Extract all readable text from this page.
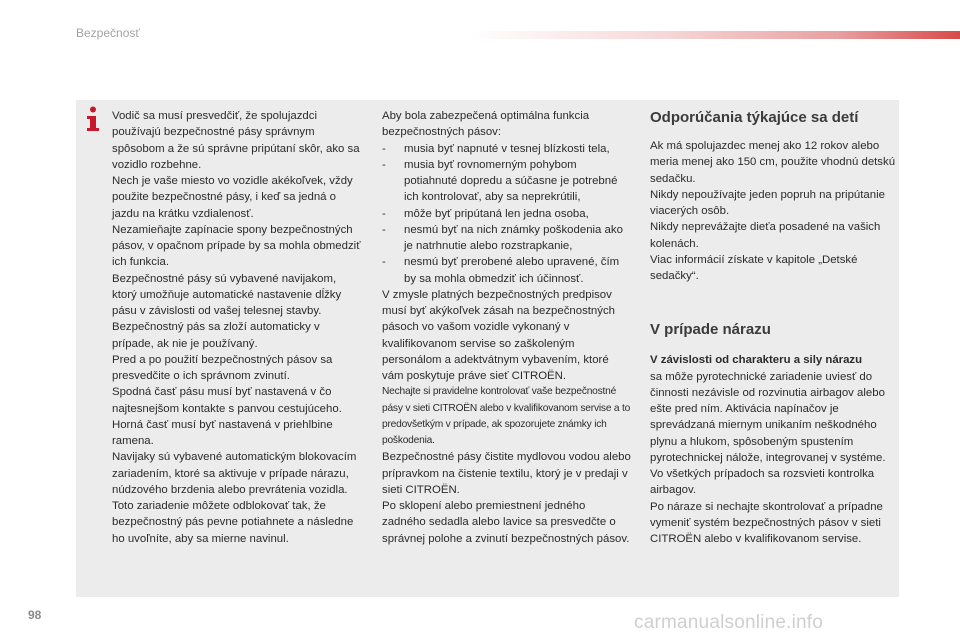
Bezpečnosť

Vodič sa musí presvedčiť, že spolujazdci používajú bezpečnostné pásy správnym spôsobom a že sú správne pripútaní skôr, ako sa vozidlo rozbehne.

Nech je vaše miesto vo vozidle akékoľvek, vždy použite bezpečnostné pásy, i keď sa jedná o jazdu na krátku vzdialenosť.

Nezamieňajte zapínacie spony bezpečnostných pásov, v opačnom prípade by sa mohla obmedziť ich funkcia.

Bezpečnostné pásy sú vybavené navijakom, ktorý umožňuje automatické nastavenie dĺžky pásu v závislosti od vašej telesnej stavby. Bezpečnostný pás sa zloží automaticky v prípade, ak nie je používaný.

Pred a po použití bezpečnostných pásov sa presvedčite o ich správnom zvinutí.

Spodná časť pásu musí byť nastavená v čo najtesnejšom kontakte s panvou cestujúceho.

Horná časť musí byť nastavená v priehlbine ramena.

Navijaky sú vybavené automatickým blokovacím zariadením, ktoré sa aktivuje v prípade nárazu, núdzového brzdenia alebo prevrátenia vozidla. Toto zariadenie môžete odblokovať tak, že bezpečnostný pás pevne potiahnete a následne ho uvoľníte, aby sa mierne navinul.

Aby bola zabezpečená optimálna funkcia bezpečnostných pásov:

- musia byť napnuté v tesnej blízkosti tela,
- musia byť rovnomerným pohybom potiahnuté dopredu a súčasne je potrebné ich kontrolovať, aby sa neprekrútili,
- môže byť pripútaná len jedna osoba,
- nesmú byť na nich známky poškodenia ako je natrhnutie alebo rozstrapkanie,
- nesmú byť prerobené alebo upravené, čím by sa mohla obmedziť ich účinnosť.

V zmysle platných bezpečnostných predpisov musí byť akýkoľvek zásah na bezpečnostných pásoch vo vašom vozidle vykonaný v kvalifikovanom servise so zaškoleným personálom a adektvátnym vybavením, ktoré vám poskytuje práve sieť CITROËN.

Nechajte si pravidelne kontrolovať vaše bezpečnostné pásy v sieti CITROËN alebo v kvalifikovanom servise a to predovšetkým v prípade, ak spozorujete známky ich poškodenia.

Bezpečnostné pásy čistite mydlovou vodou alebo prípravkom na čistenie textilu, ktorý je v predaji v sieti CITROËN.

Po sklopení alebo premiestnení jedného zadného sedadla alebo lavice sa presvedčte o správnej polohe a zvinutí bezpečnostných pásov.

Odporúčania týkajúce sa detí

Ak má spolujazdec menej ako 12 rokov alebo meria menej ako 150 cm, použite vhodnú detskú sedačku.

Nikdy nepoužívajte jeden popruh na pripútanie viacerých osôb.

Nikdy neprevážajte dieťa posadené na vašich kolenách.

Viac informácií získate v kapitole „Detské sedačky“.

V prípade nárazu

V závislosti od charakteru a sily nárazu
sa môže pyrotechnické zariadenie uviesť do činnosti nezávisle od rozvinutia airbagov alebo ešte pred ním. Aktivácia napínačov je sprevádzaná miernym unikaním neškodného plynu a hlukom, spôsobeným spustením pyrotechnickej náložе, integrovanej v systéme.

Vo všetkých prípadoch sa rozsvieti kontrolka airbagov.

Po náraze si nechajte skontrolovať a prípadne vymeniť systém bezpečnostných pásov v sieti CITROËN alebo v kvalifikovanom servise.

98	carmanualsonline.info
